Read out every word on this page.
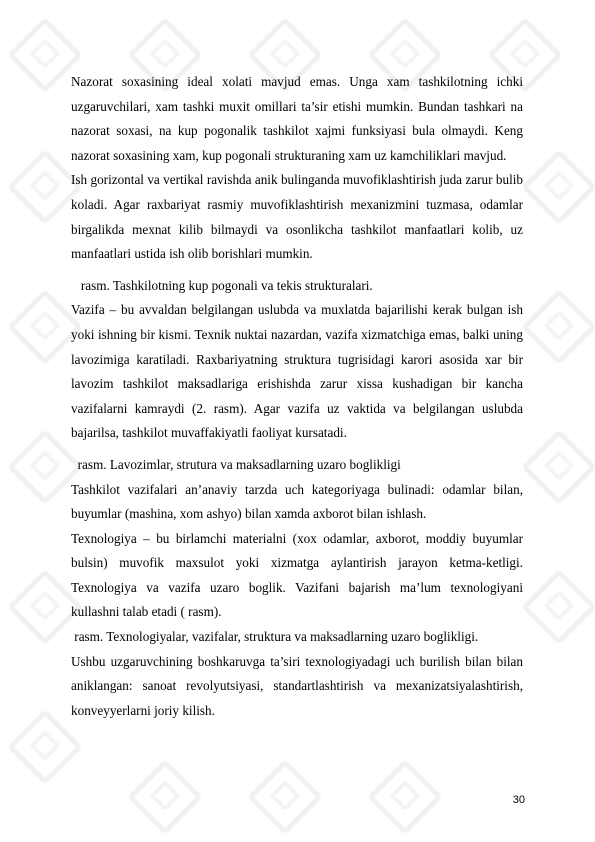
Nazorat soxasining ideal xolati mavjud emas. Unga xam tashkilotning ichki uzgaruvchilari, xam tashki muxit omillari ta’sir etishi mumkin. Bundan tashkari na nazorat soxasi, na kup pogonalik tashkilot xajmi funksiyasi bula olmaydi. Keng nazorat soxasining xam, kup pogonali strukturaning xam uz kamchiliklari mavjud.

Ish gorizontal va vertikal ravishda anik bulinganda muvofiklashtirish juda zarur bulib koladi. Agar raxbariyat rasmiy muvofiklashtirish mexanizmini tuzmasa, odamlar birgalikda mexnat kilib bilmaydi va osonlikcha tashkilot manfaatlari kolib, uz manfaatlari ustida ish olib borishlari mumkin.

rasm. Tashkilotning kup pogonali va tekis strukturalari.

Vazifa – bu avvaldan belgilangan uslubda va muxlatda bajarilishi kerak bulgan ish yoki ishning bir kismi. Texnik nuktai nazardan, vazifa xizmatchiga emas, balki uning lavozimiga karatiladi. Raxbariyatning struktura tugrisidagi karori asosida xar bir lavozim tashkilot maksadlariga erishishda zarur xissa kushadigan bir kancha vazifalarni kamraydi (2. rasm). Agar vazifa uz vaktida va belgilangan uslubda bajarilsa, tashkilot muvaffakiyatli faoliyat kursatadi.

rasm. Lavozimlar, strutura va maksadlarning uzaro boglikligi

Tashkilot vazifalari an’anaviy tarzda uch kategoriyaga bulinadi: odamlar bilan, buyumlar (mashina, xom ashyo) bilan xamda axborot bilan ishlash.

Texnologiya – bu birlamchi materialni (xox odamlar, axborot, moddiy buyumlar bulsin) muvofik maxsulot yoki xizmatga aylantirish jarayon ketma-ketligi. Texnologiya va vazifa uzaro boglik. Vazifani bajarish ma’lum texnologiyani kullashni talab etadi ( rasm).

rasm. Texnologiyalar, vazifalar, struktura va maksadlarning uzaro boglikligi.

Ushbu uzgaruvchining boshkaruvga ta’siri texnologiyadagi uch burilish bilan bilan aniklangan: sanoat revolyutsiyasi, standartlashtirish va mexanizatsiyalashtirish, konveyyerlarni joriy kilish.

30
